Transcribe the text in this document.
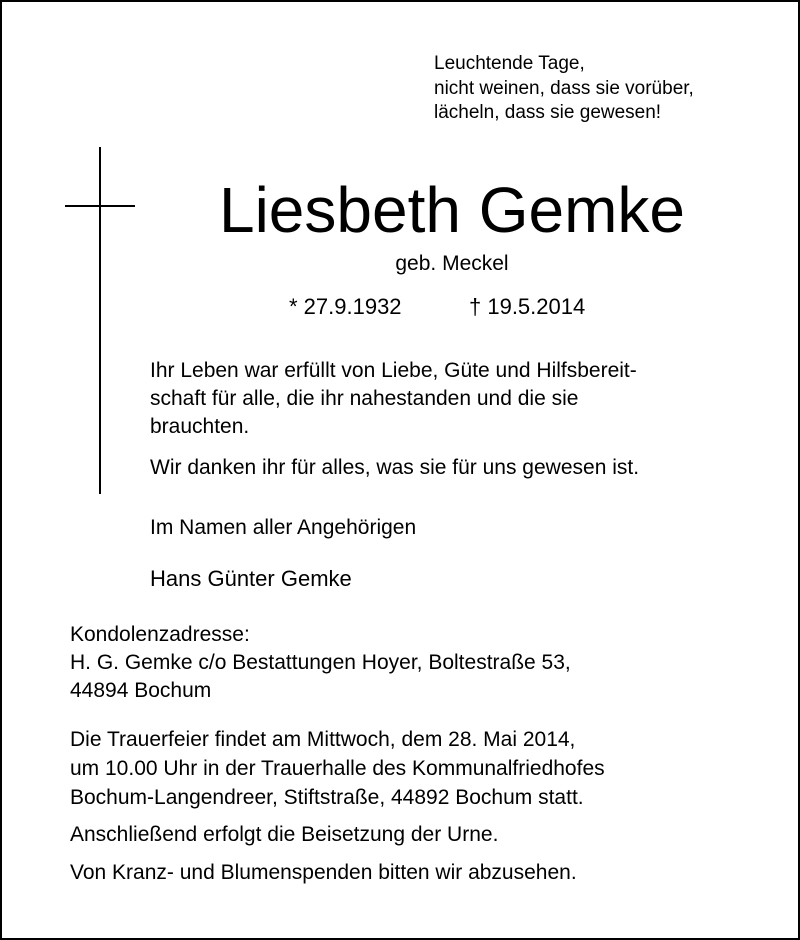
Leuchtende Tage,
nicht weinen, dass sie vorüber,
lächeln, dass sie gewesen!
Liesbeth Gemke
geb. Meckel
* 27.9.1932	† 19.5.2014
Ihr Leben war erfüllt von Liebe, Güte und Hilfsbereit-
schaft für alle, die ihr nahestanden und die sie
brauchten.
Wir danken ihr für alles, was sie für uns gewesen ist.
Im Namen aller Angehörigen
Hans Günter Gemke
Kondolenzadresse:
H. G. Gemke c/o Bestattungen Hoyer, Boltestraße 53,
44894 Bochum
Die Trauerfeier findet am Mittwoch, dem 28. Mai 2014,
um 10.00 Uhr in der Trauerhalle des Kommunalfriedhofes
Bochum-Langendreer, Stiftstraße, 44892 Bochum statt.
Anschließend erfolgt die Beisetzung der Urne.
Von Kranz- und Blumenspenden bitten wir abzusehen.
